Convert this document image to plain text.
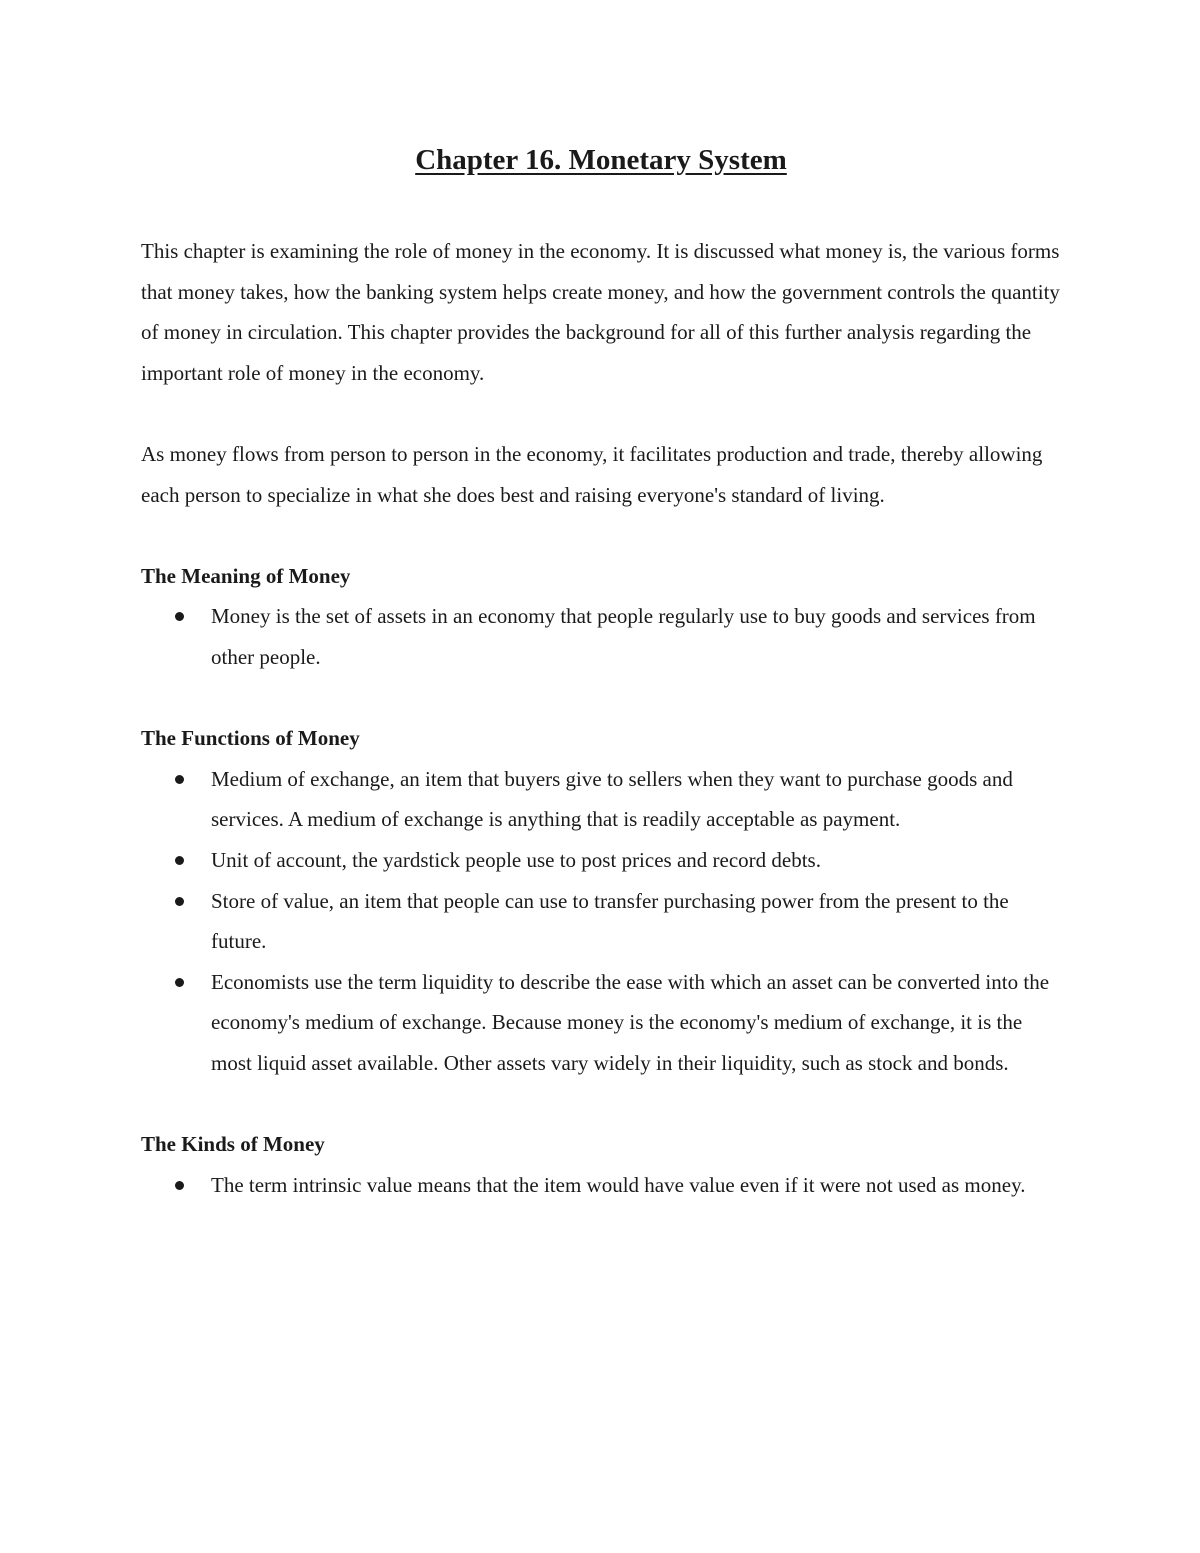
Chapter 16. Monetary System

This chapter is examining the role of money in the economy. It is discussed what money is, the various forms that money takes, how the banking system helps create money, and how the government controls the quantity of money in circulation. This chapter provides the background for all of this further analysis regarding the important role of money in the economy.

As money flows from person to person in the economy, it facilitates production and trade, thereby allowing each person to specialize in what she does best and raising everyone's standard of living.

The Meaning of Money

Money is the set of assets in an economy that people regularly use to buy goods and services from other people.

The Functions of Money

Medium of exchange, an item that buyers give to sellers when they want to purchase goods and services. A medium of exchange is anything that is readily acceptable as payment.
Unit of account, the yardstick people use to post prices and record debts.
Store of value, an item that people can use to transfer purchasing power from the present to the future.
Economists use the term liquidity to describe the ease with which an asset can be converted into the economy's medium of exchange. Because money is the economy's medium of exchange, it is the most liquid asset available. Other assets vary widely in their liquidity, such as stock and bonds.

The Kinds of Money

The term intrinsic value means that the item would have value even if it were not used as money.
